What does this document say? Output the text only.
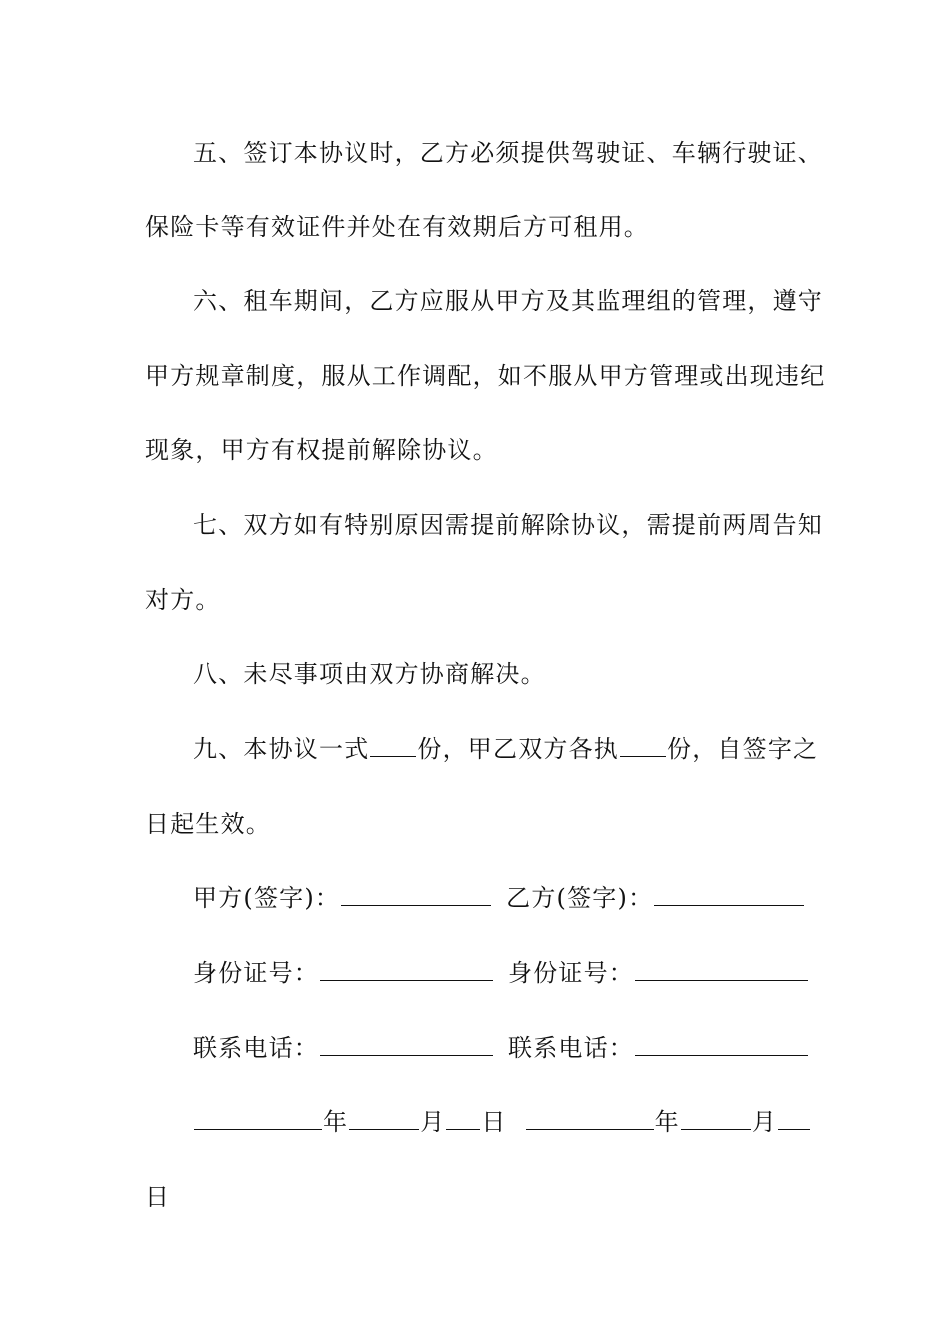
五、签订本协议时，乙方必须提供驾驶证、车辆行驶证、
保险卡等有效证件并处在有效期后方可租用。
六、租车期间，乙方应服从甲方及其监理组的管理，遵守
甲方规章制度，服从工作调配，如不服从甲方管理或出现违纪
现象，甲方有权提前解除协议。
七、双方如有特别原因需提前解除协议，需提前两周告知
对方。
八、未尽事项由双方协商解决。
九、本协议一式 份，甲乙双方各执 份，自签字之
日起生效。
甲方(签字)：	乙方(签字)：
身份证号：	身份证号：
联系电话：	联系电话：
年	月 日	年	月
日
